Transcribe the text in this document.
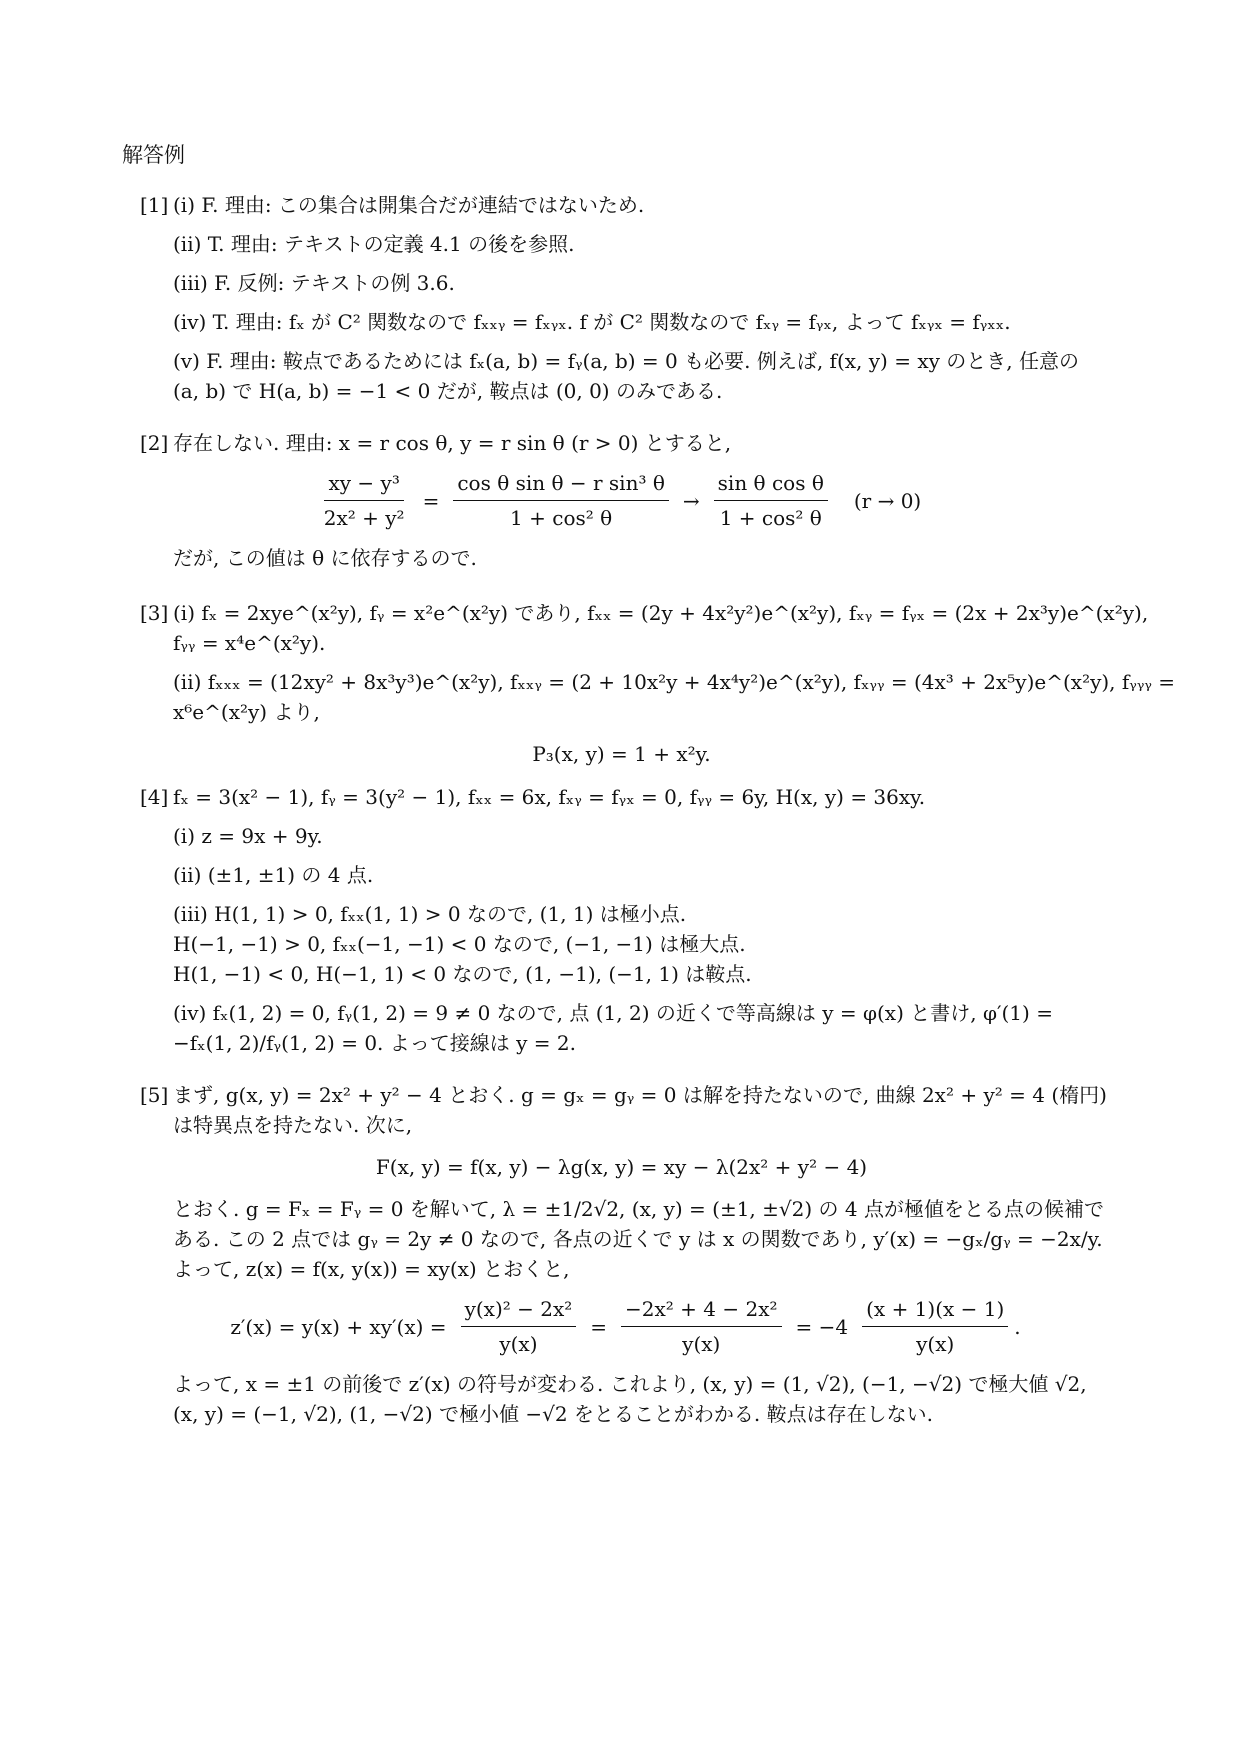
解答例
[1] (i) F. 理由: この集合は開集合だが連結ではないため.
(ii) T. 理由: テキストの定義 4.1 の後を参照.
(iii) F. 反例: テキストの例 3.6.
(iv) T. 理由: fₓ が C² 関数なので fₓₓᵧ = fₓᵧₓ. f が C² 関数なので fₓᵧ = fᵧₓ, よって fₓᵧₓ = fᵧₓₓ.
(v) F. 理由: 鞍点であるためには fₓ(a, b) = fᵧ(a, b) = 0 も必要. 例えば, f(x, y) = xy のとき, 任意の
(a, b) で H(a, b) = −1 < 0 だが, 鞍点は (0, 0) のみである.
[2] 存在しない. 理由: x = r cos θ, y = r sin θ (r > 0) とすると,
$\frac{\text{xy − y³}}{\text{2x² + y²}} = \frac{\text{cos θ sin θ − r sin³ θ}}{\text{1 + cos² θ}} \to \frac{\text{sin θ cos θ}}{\text{1 + cos² θ}} (r \to 0)$
だが, この値は θ に依存するので.
[3] (i) fₓ = 2xye^(x²y), fᵧ = x²e^(x²y) であり, fₓₓ = (2y + 4x²y²)e^(x²y), fₓᵧ = fᵧₓ = (2x + 2x³y)e^(x²y),
fᵧᵧ = x⁴e^(x²y).
(ii) fₓₓₓ = (12xy² + 8x³y³)e^(x²y), fₓₓᵧ = (2 + 10x²y + 4x⁴y²)e^(x²y), fₓᵧᵧ = (4x³ + 2x⁵y)e^(x²y), fᵧᵧᵧ =
x⁶e^(x²y) より,
P₃(x, y) = 1 + x²y.
[4] fₓ = 3(x² − 1), fᵧ = 3(y² − 1), fₓₓ = 6x, fₓᵧ = fᵧₓ = 0, fᵧᵧ = 6y, H(x, y) = 36xy.
(i) z = 9x + 9y.
(ii) (±1, ±1) の 4 点.
(iii) H(1, 1) > 0, fₓₓ(1, 1) > 0 なので, (1, 1) は極小点.
H(−1, −1) > 0, fₓₓ(−1, −1) < 0 なので, (−1, −1) は極大点.
H(1, −1) < 0, H(−1, 1) < 0 なので, (1, −1), (−1, 1) は鞍点.
(iv) fₓ(1, 2) = 0, fᵧ(1, 2) = 9 ≠ 0 なので, 点 (1, 2) の近くで等高線は y = φ(x) と書け, φ′(1) =
−fₓ(1, 2)/fᵧ(1, 2) = 0. よって接線は y = 2.
[5] まず, g(x, y) = 2x² + y² − 4 とおく. g = gₓ = gᵧ = 0 は解を持たないので, 曲線 2x² + y² = 4 (楕円)
は特異点を持たない. 次に,
F(x, y) = f(x, y) − λg(x, y) = xy − λ(2x² + y² − 4)
とおく. g = Fₓ = Fᵧ = 0 を解いて, λ = ±1/2√2, (x, y) = (±1, ±√2) の 4 点が極値をとる点の候補で
ある. この 2 点では gᵧ = 2y ≠ 0 なので, 各点の近くで y は x の関数であり, y′(x) = −gₓ/gᵧ = −2x/y.
よって, z(x) = f(x, y(x)) = xy(x) とおくと,
$z'(x) = y(x) + xy'(x) = \frac{\text{y(x)² − 2x²}}{y(x)} = \frac{\text{−2x² + 4 − 2x²}}{y(x)} = -4 \frac{(x + 1)(x - 1)}{y(x)}$ .
よって, x = ±1 の前後で z′(x) の符号が変わる. これより, (x, y) = (1, √2), (−1, −√2) で極大値 √2,
(x, y) = (−1, √2), (1, −√2) で極小値 −√2 をとることがわかる. 鞍点は存在しない.
